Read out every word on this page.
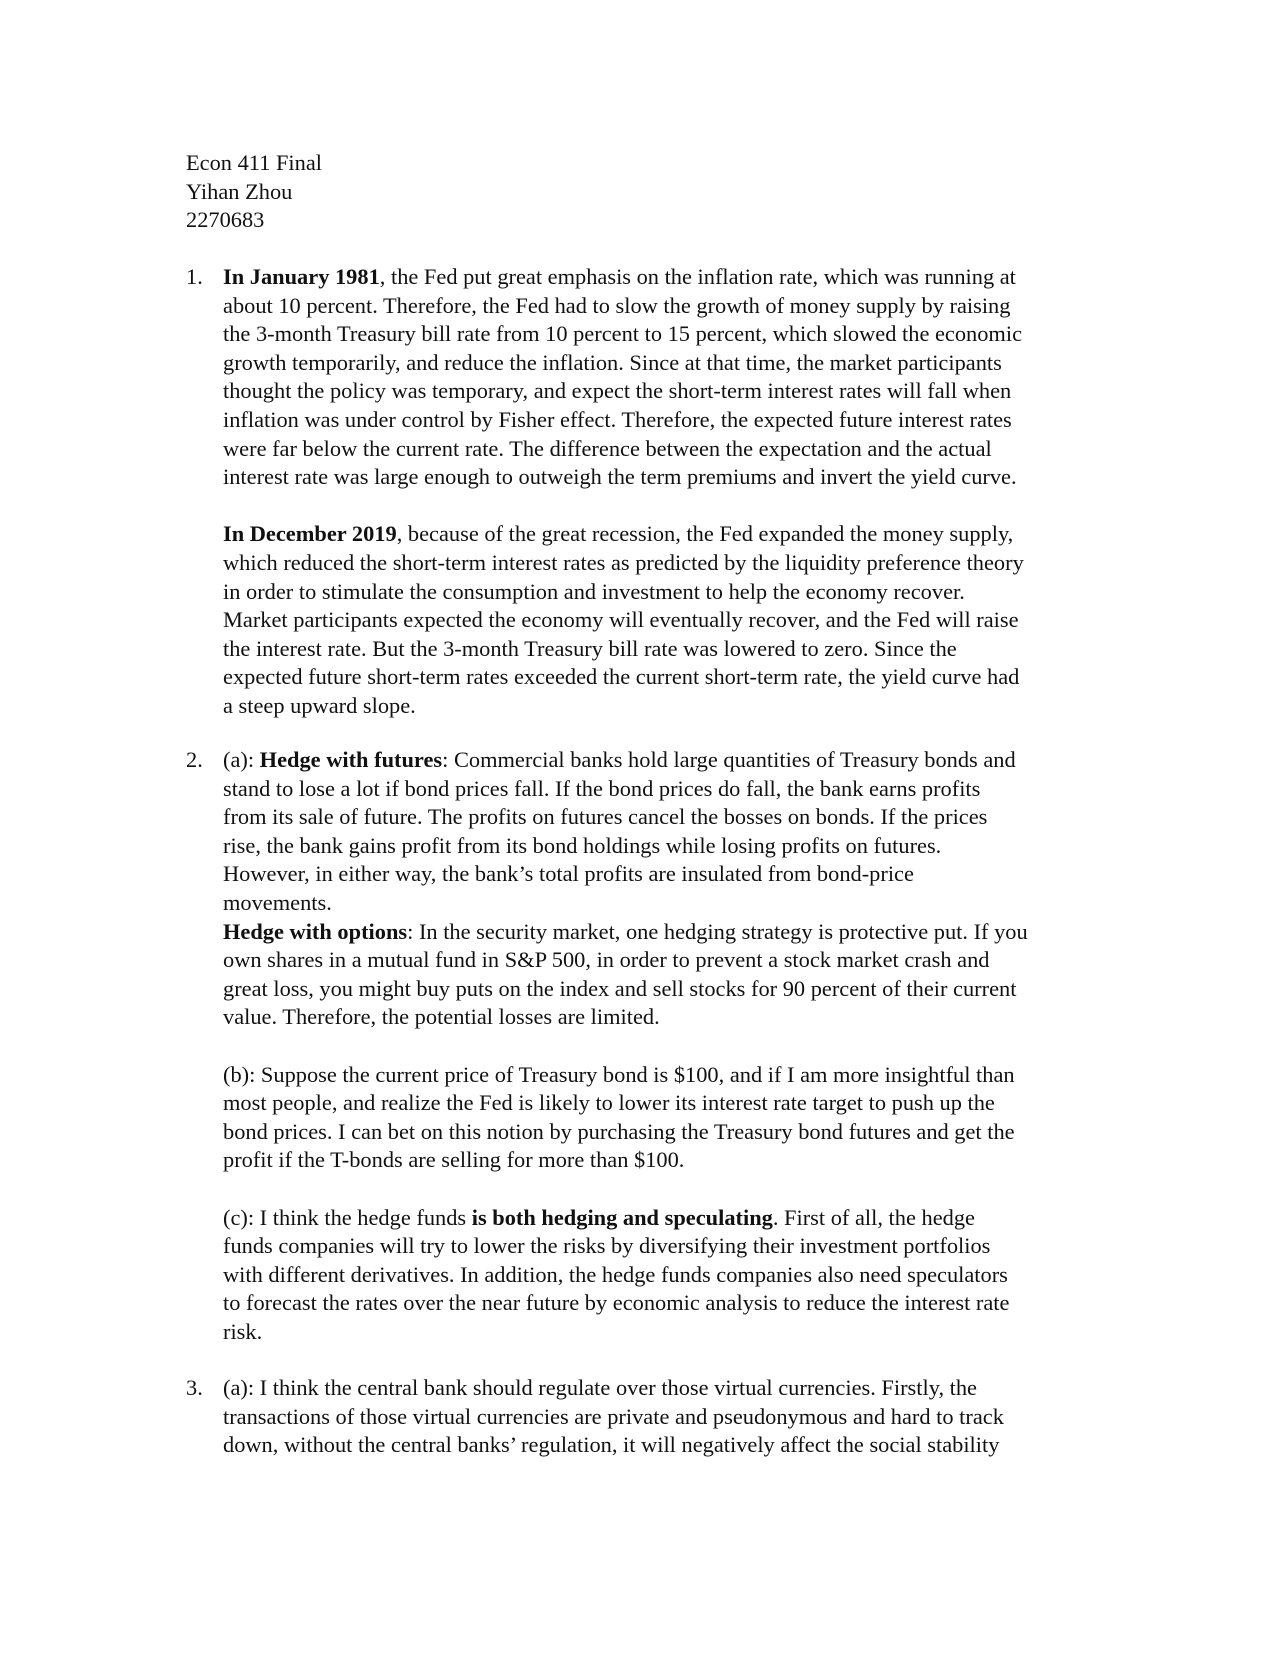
Econ 411 Final
Yihan Zhou
2270683
1. In January 1981, the Fed put great emphasis on the inflation rate, which was running at
about 10 percent. Therefore, the Fed had to slow the growth of money supply by raising
the 3-month Treasury bill rate from 10 percent to 15 percent, which slowed the economic
growth temporarily, and reduce the inflation. Since at that time, the market participants
thought the policy was temporary, and expect the short-term interest rates will fall when
inflation was under control by Fisher effect. Therefore, the expected future interest rates
were far below the current rate. The difference between the expectation and the actual
interest rate was large enough to outweigh the term premiums and invert the yield curve.
In December 2019, because of the great recession, the Fed expanded the money supply,
which reduced the short-term interest rates as predicted by the liquidity preference theory
in order to stimulate the consumption and investment to help the economy recover.
Market participants expected the economy will eventually recover, and the Fed will raise
the interest rate. But the 3-month Treasury bill rate was lowered to zero. Since the
expected future short-term rates exceeded the current short-term rate, the yield curve had
a steep upward slope.
2. (a): Hedge with futures: Commercial banks hold large quantities of Treasury bonds and
stand to lose a lot if bond prices fall. If the bond prices do fall, the bank earns profits
from its sale of future. The profits on futures cancel the bosses on bonds. If the prices
rise, the bank gains profit from its bond holdings while losing profits on futures.
However, in either way, the bank’s total profits are insulated from bond-price
movements.
Hedge with options: In the security market, one hedging strategy is protective put. If you
own shares in a mutual fund in S&P 500, in order to prevent a stock market crash and
great loss, you might buy puts on the index and sell stocks for 90 percent of their current
value. Therefore, the potential losses are limited.
(b): Suppose the current price of Treasury bond is $100, and if I am more insightful than
most people, and realize the Fed is likely to lower its interest rate target to push up the
bond prices. I can bet on this notion by purchasing the Treasury bond futures and get the
profit if the T-bonds are selling for more than $100.
(c): I think the hedge funds is both hedging and speculating. First of all, the hedge
funds companies will try to lower the risks by diversifying their investment portfolios
with different derivatives. In addition, the hedge funds companies also need speculators
to forecast the rates over the near future by economic analysis to reduce the interest rate
risk.
3. (a): I think the central bank should regulate over those virtual currencies. Firstly, the
transactions of those virtual currencies are private and pseudonymous and hard to track
down, without the central banks’ regulation, it will negatively affect the social stability
